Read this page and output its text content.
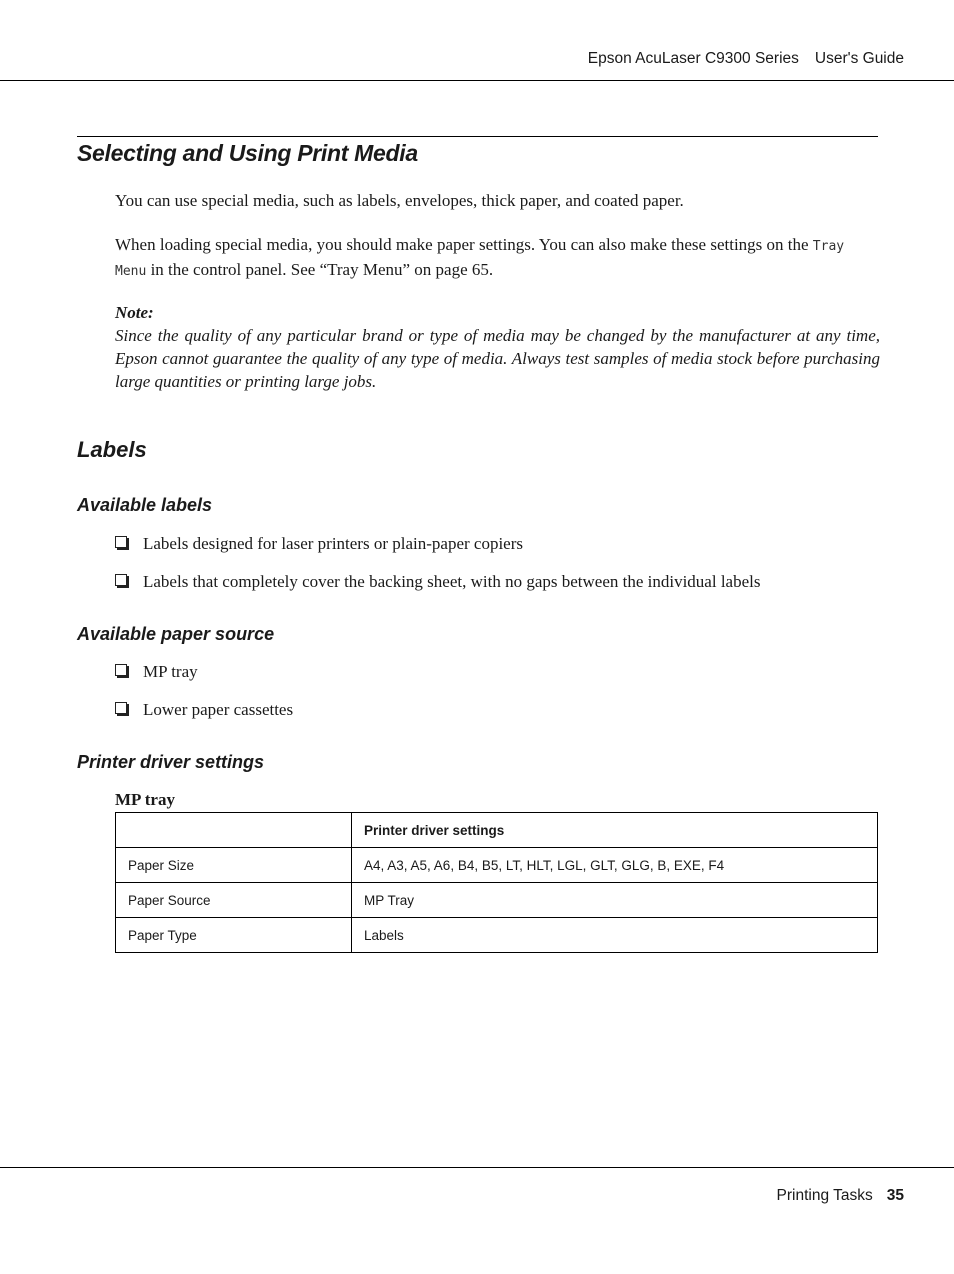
Epson AcuLaser C9300 Series User's Guide
Selecting and Using Print Media

You can use special media, such as labels, envelopes, thick paper, and coated paper.

When loading special media, you should make paper settings. You can also make these settings on the Tray Menu in the control panel. See “Tray Menu” on page 65.

Note:

Since the quality of any particular brand or type of media may be changed by the manufacturer at any time, Epson cannot guarantee the quality of any type of media. Always test samples of media stock before purchasing large quantities or printing large jobs.

Labels
Available labels
Labels designed for laser printers or plain-paper copiers
Labels that completely cover the backing sheet, with no gaps between the individual labels
Available paper source
MP tray
Lower paper cassettes
Printer driver settings
MP tray
	Printer driver settings
Paper Size	A4, A3, A5, A6, B4, B5, LT, HLT, LGL, GLT, GLG, B, EXE, F4
Paper Source	MP Tray
Paper Type	Labels
Printing Tasks 35
